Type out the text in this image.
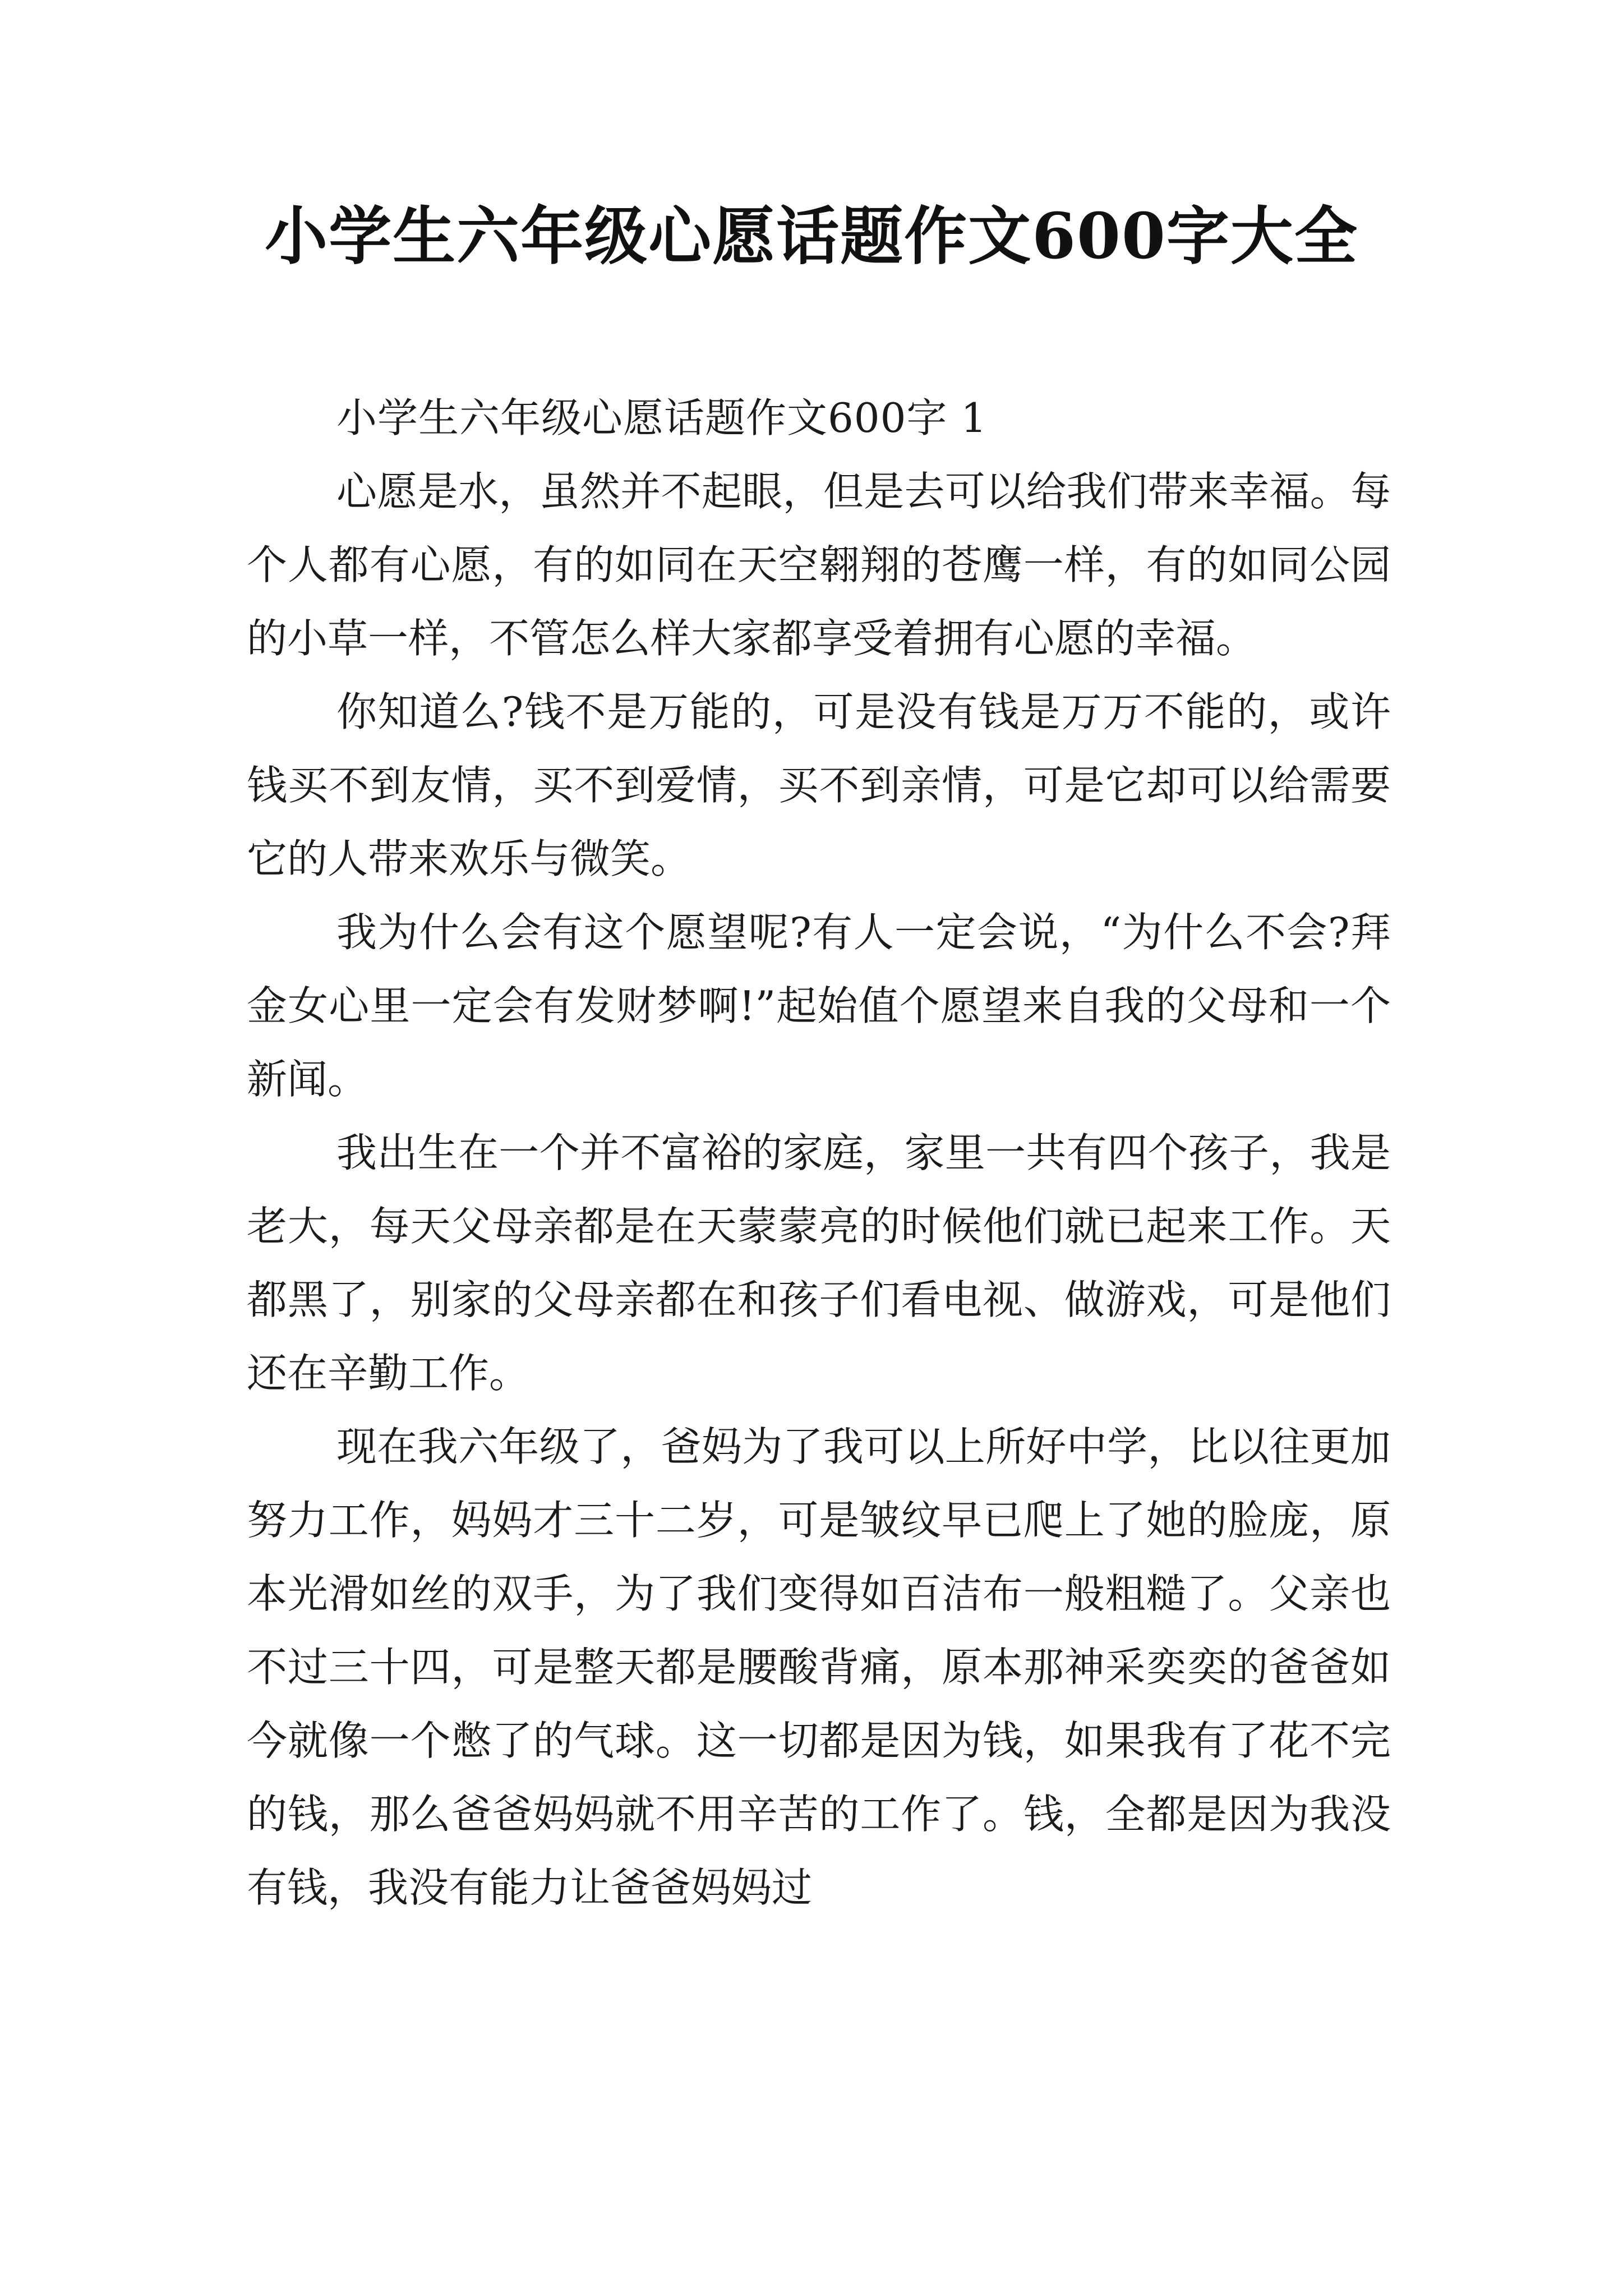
小学生六年级心愿话题作文600字大全

小学生六年级心愿话题作文600字 1

心愿是水，虽然并不起眼，但是去可以给我们带来幸福。每个人都有心愿，有的如同在天空翱翔的苍鹰一样，有的如同公园的小草一样，不管怎么样大家都享受着拥有心愿的幸福。

你知道么?钱不是万能的，可是没有钱是万万不能的，或许钱买不到友情，买不到爱情，买不到亲情，可是它却可以给需要它的人带来欢乐与微笑。

我为什么会有这个愿望呢?有人一定会说，“为什么不会?拜金女心里一定会有发财梦啊!”起始值个愿望来自我的父母和一个新闻。

我出生在一个并不富裕的家庭，家里一共有四个孩子，我是老大，每天父母亲都是在天蒙蒙亮的时候他们就已起来工作。天都黑了，别家的父母亲都在和孩子们看电视、做游戏，可是他们还在辛勤工作。

现在我六年级了，爸妈为了我可以上所好中学，比以往更加努力工作，妈妈才三十二岁，可是皱纹早已爬上了她的脸庞，原本光滑如丝的双手，为了我们变得如百洁布一般粗糙了。父亲也不过三十四，可是整天都是腰酸背痛，原本那神采奕奕的爸爸如今就像一个憋了的气球。这一切都是因为钱，如果我有了花不完的钱，那么爸爸妈妈就不用辛苦的工作了。钱，全都是因为我没有钱，我没有能力让爸爸妈妈过
